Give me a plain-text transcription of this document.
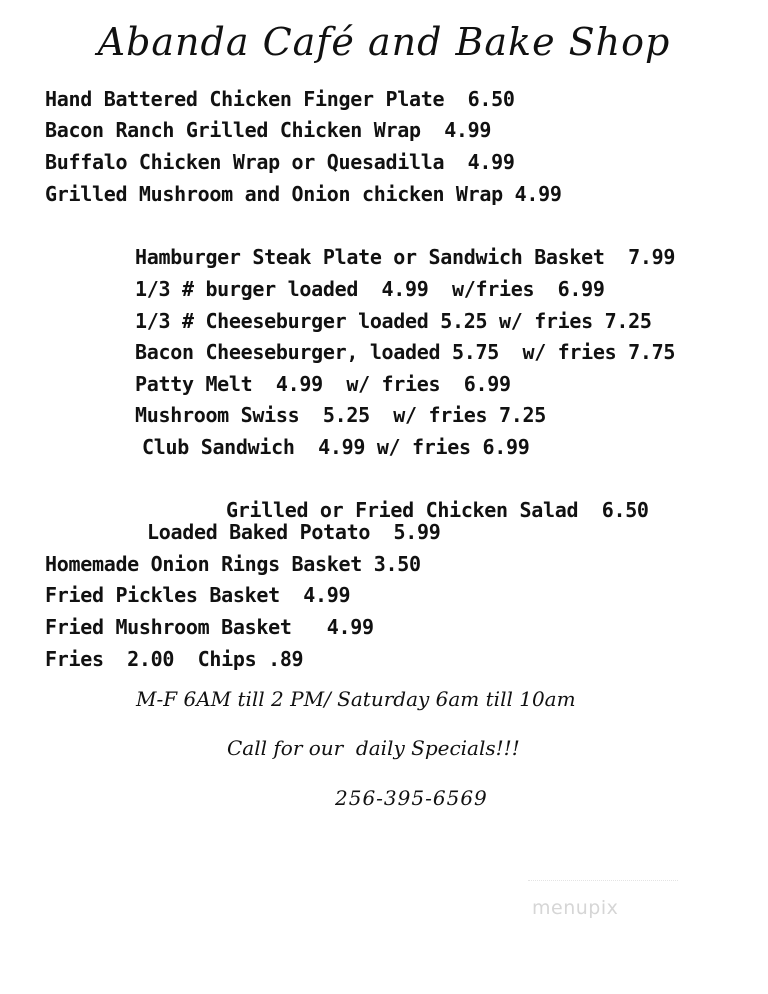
Abanda Café and Bake Shop
Hand Battered Chicken Finger Plate  6.50
Bacon Ranch Grilled Chicken Wrap  4.99
Buffalo Chicken Wrap or Quesadilla  4.99
Grilled Mushroom and Onion chicken Wrap 4.99
Hamburger Steak Plate or Sandwich Basket  7.99
1/3 # burger loaded  4.99  w/fries  6.99
1/3 # Cheeseburger loaded 5.25 w/ fries 7.25
Bacon Cheeseburger, loaded 5.75  w/ fries 7.75
Patty Melt  4.99  w/ fries  6.99
Mushroom Swiss  5.25  w/ fries 7.25
Club Sandwich  4.99 w/ fries 6.99
Grilled or Fried Chicken Salad  6.50
Loaded Baked Potato  5.99
Homemade Onion Rings Basket 3.50
Fried Pickles Basket  4.99
Fried Mushroom Basket   4.99
Fries  2.00  Chips .89
M-F 6AM till 2 PM/ Saturday 6am till 10am
Call for our  daily Specials!!!
256-395-6569
menupix
